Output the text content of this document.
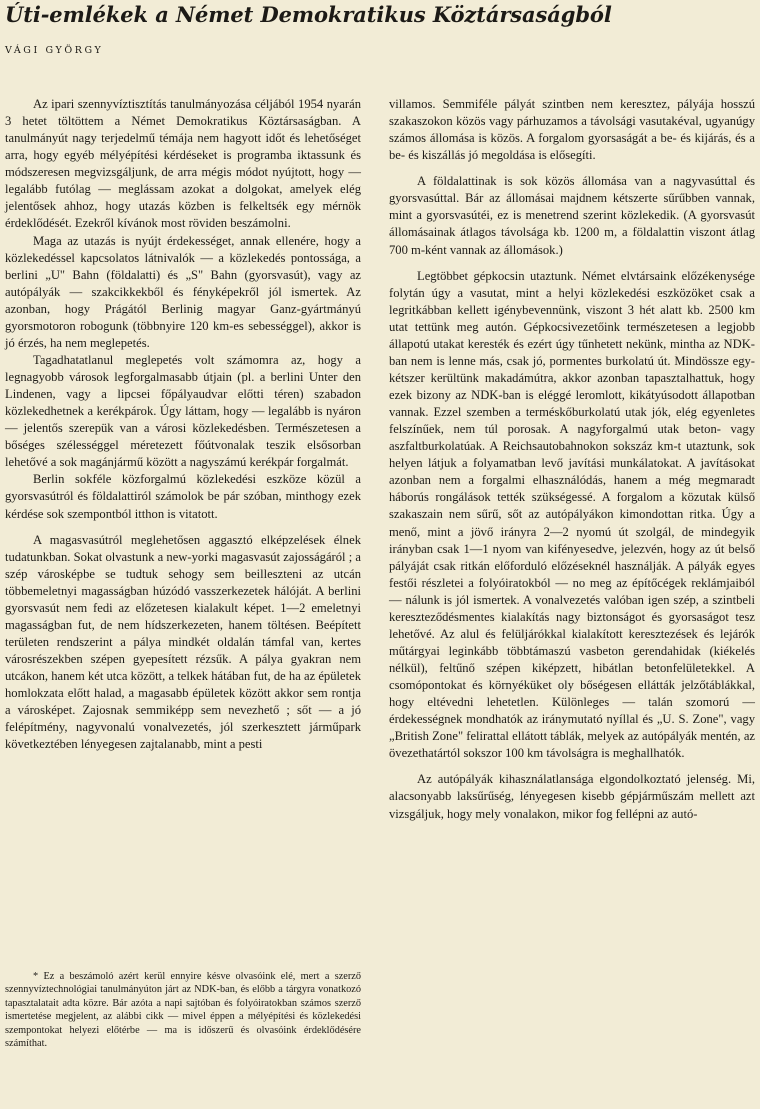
Úti-emlékek a Német Demokratikus Köztársaságból
VÁGI GYÖRGY

Az ipari szennyvíztisztítás tanulmányozása céljából 1954 nyarán 3 hetet töltöttem a Német Demokratikus Köztársaságban. A tanulmányút nagy terjedelmű témája nem hagyott időt és lehetőséget arra, hogy egyéb mélyépítési kérdéseket is programba iktassunk és módszeresen megvizsgáljunk, de arra mégis módot nyújtott, hogy — legalább futólag — meglássam azokat a dolgokat, amelyek elég jelentősek ahhoz, hogy utazás közben is felkeltsék egy mérnök érdeklődését. Ezekről kívánok most röviden beszámolni.

Maga az utazás is nyújt érdekességet, annak ellenére, hogy a közlekedéssel kapcsolatos látnivalók — a közlekedés pontossága, a berlini „U" Bahn (földalatti) és „S" Bahn (gyorsvasút), vagy az autópályák — szakcikkekből és fényképekről jól ismertek. Az azonban, hogy Prágától Berlinig magyar Ganz-gyártmányú gyorsmotoron robogunk (többnyire 120 km-es sebességgel), akkor is jó érzés, ha nem meglepetés.

Tagadhatatlanul meglepetés volt számomra az, hogy a legnagyobb városok legforgalmasabb útjain (pl. a berlini Unter den Lindenen, vagy a lipcsei főpályaudvar előtti téren) szabadon közlekedhetnek a kerékpárok. Úgy láttam, hogy — legalább is nyáron — jelentős szerepük van a városi közlekedésben. Természetesen a bőséges szélességgel méretezett főútvonalak teszik elsősorban lehetővé a sok magánjármű között a nagyszámú kerékpár forgalmát.

Berlin sokféle közforgalmú közlekedési eszköze közül a gyorsvasútról és földalattiról számolok be pár szóban, minthogy ezek kérdése sok szempontból itthon is vitatott.

A magasvasútról meglehetősen aggasztó elképzelések élnek tudatunkban. Sokat olvastunk a new-yorki magasvasút zajosságáról ; a szép városképbe se tudtuk sehogy sem beilleszteni az utcán többemeletnyi magasságban húzódó vasszerkezetek hálóját. A berlini gyorsvasút nem fedi az előzetesen kialakult képet. 1—2 emeletnyi magasságban fut, de nem hídszerkezeten, hanem töltésen. Beépített területen rendszerint a pálya mindkét oldalán támfal van, kertes városrészekben szépen gyepesített rézsűk. A pálya gyakran nem utcákon, hanem két utca között, a telkek hátában fut, de ha az épületek homlokzata előtt halad, a magasabb épületek között akkor sem rontja a városképet. Zajosnak semmiképp sem nevezhető ; sőt — a jó felépítmény, nagyvonalú vonalvezetés, jól szerkesztett járműpark következtében lényegesen zajtalanabb, mint a pesti

* Ez a beszámoló azért kerül ennyire késve olvasóink elé, mert a szerző szennyvíztechnológiai tanulmányúton járt az NDK-ban, és előbb a tárgyra vonatkozó tapasztalatait adta közre. Bár azóta a napi sajtóban és folyóiratokban számos szerző ismertetése megjelent, az alábbi cikk — mivel éppen a mélyépítési és közlekedési szempontokat helyezi előtérbe — ma is időszerű és olvasóink érdeklődésére számíthat.

villamos. Semmiféle pályát szintben nem keresztez, pályája hosszú szakaszokon közös vagy párhuzamos a távolsági vasutakéval, ugyanúgy számos állomása is közös. A forgalom gyorsaságát a be- és kijárás, és a be- és kiszállás jó megoldása is elősegíti.

A földalattinak is sok közös állomása van a nagyvasúttal és gyorsvasúttal. Bár az állomásai majdnem kétszerte sűrűbben vannak, mint a gyorsvasútéi, ez is menetrend szerint közlekedik. (A gyorsvasút állomásainak átlagos távolsága kb. 1200 m, a földalattin viszont átlag 700 m-ként vannak az állomások.)

Legtöbbet gépkocsin utaztunk. Német elvtársaink előzékenysége folytán úgy a vasutat, mint a helyi közlekedési eszközöket csak a legritkábban kellett igénybevennünk, viszont 3 hét alatt kb. 2500 km utat tettünk meg autón. Gépkocsivezetőink természetesen a legjobb állapotú utakat keresték és ezért úgy tűnhetett nekünk, mintha az NDK-ban nem is lenne más, csak jó, pormentes burkolatú út. Mindössze egy-kétszer kerültünk makadámútra, akkor azonban tapasztalhattuk, hogy ezek bizony az NDK-ban is eléggé leromlott, kikátyúsodott állapotban vannak. Ezzel szemben a terméskőburkolatú utak jók, elég egyenletes felszínűek, nem túl porosak. A nagyforgalmú utak beton- vagy aszfaltburkolatúak. A Reichsautobahnokon sokszáz km-t utaztunk, sok helyen látjuk a folyamatban levő javítási munkálatokat. A javításokat azonban nem a forgalmi elhasználódás, hanem a még megmaradt háborús rongálások tették szükségessé. A forgalom a közutak külső szakaszain nem sűrű, sőt az autópályákon kimondottan ritka. Úgy a menő, mint a jövő irányra 2—2 nyomú út szolgál, de mindegyik irányban csak 1—1 nyom van kifényesedve, jelezvén, hogy az út belső pályáját csak ritkán előforduló előzéseknél használják. A pályák egyes festői részletei a folyóiratokból — no meg az építőcégek reklámjaiból — nálunk is jól ismertek. A vonalvezetés valóban igen szép, a szintbeli kereszteződésmentes kialakítás nagy biztonságot és gyorsaságot tesz lehetővé. Az alul és felüljárókkal kialakított keresztezések és lejárók műtárgyai leginkább többtámaszú vasbeton gerendahidak (kiékelés nélkül), feltűnő szépen kiképzett, hibátlan betonfelületekkel. A csomópontokat és környéküket oly bőségesen ellátták jelzőtáblákkal, hogy eltévedni lehetetlen. Különleges — talán szomorú — érdekességnek mondhatók az iránymutató nyíllal és „U. S. Zone", vagy „British Zone" felirattal ellátott táblák, melyek az autópályák mentén, az övezethatártól sokszor 100 km távolságra is meghallhatók.

Az autópályák kihasználatlansága elgondolkoztató jelenség. Mi, alacsonyabb laksűrűség, lényegesen kisebb gépjárműszám mellett azt vizsgáljuk, hogy mely vonalakon, mikor fog fellépni az autó-
